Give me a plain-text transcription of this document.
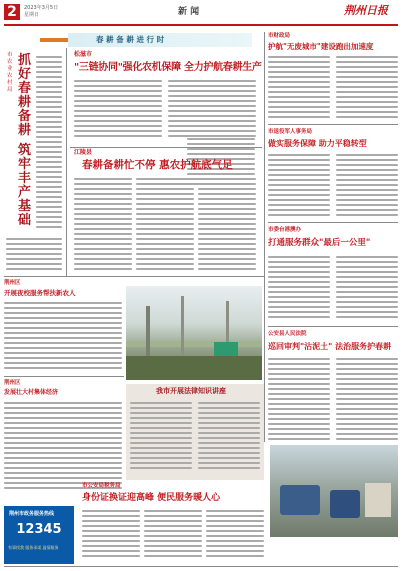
2	2023年3月5日
星期日	新 闻	荆州日报
春 耕 备 耕 进 行 时
市农业农村局
抓
好
春
耕
备
耕
筑
牢
丰
产
基
础
松滋市
"三链协同"强化农机保障 全力护航春耕生产
江陵县
春耕备耕忙不停 惠农护航底气足
市财政局
护航"无废城市"建设跑出加速度
市退役军人事务局
做实服务保障 助力平稳转型
市委台港澳办
打通服务群众"最后一公里"
公安县人民法院
巡回审判"沾泥土" 法治服务护春耕
荆州区
开展夜校服务帮扶新农人
荆州区
发展壮大村集体经济
荆州市政务服务热线
12345
有事找我 服务承诺 温情服务
我市开展法律知识讲座
市公安局税务局
身份证换证迎高峰 便民服务暖人心
